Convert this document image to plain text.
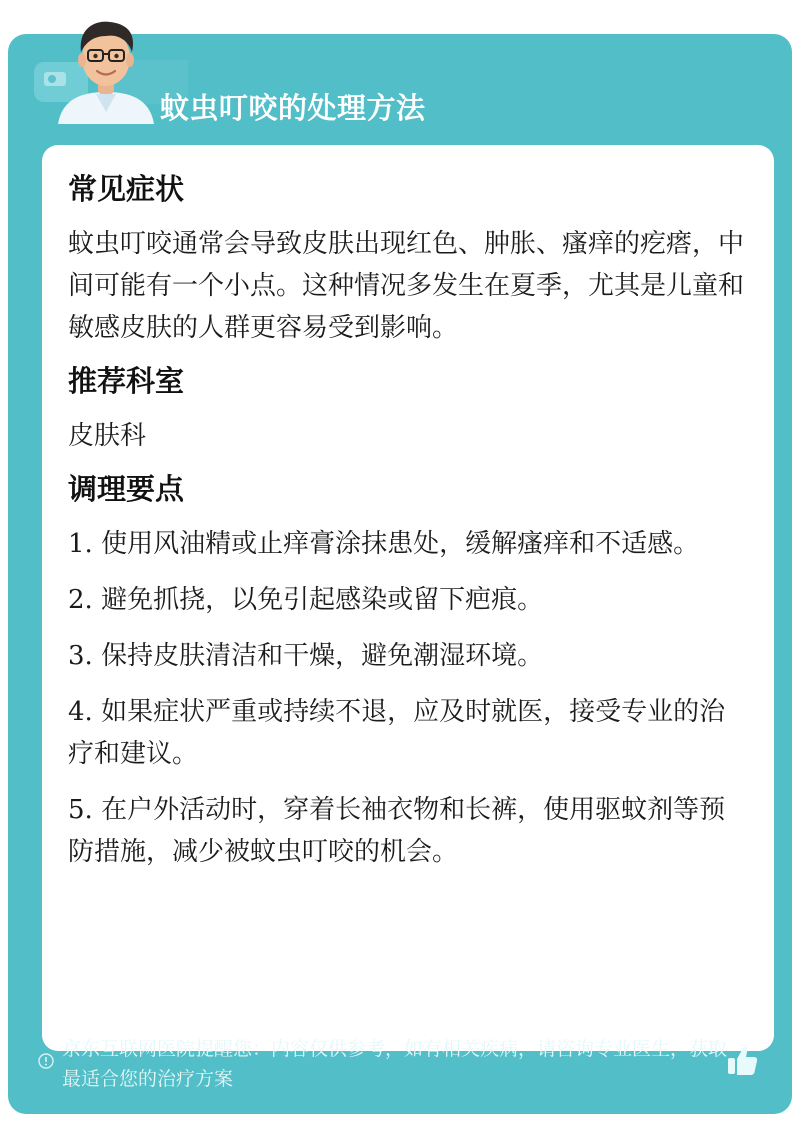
蚊虫叮咬的处理方法
常见症状
蚊虫叮咬通常会导致皮肤出现红色、肿胀、瘙痒的疙瘩，中间可能有一个小点。这种情况多发生在夏季，尤其是儿童和敏感皮肤的人群更容易受到影响。
推荐科室
皮肤科
调理要点
1. 使用风油精或止痒膏涂抹患处，缓解瘙痒和不适感。
2. 避免抓挠，以免引起感染或留下疤痕。
3. 保持皮肤清洁和干燥，避免潮湿环境。
4. 如果症状严重或持续不退，应及时就医，接受专业的治疗和建议。
5. 在户外活动时，穿着长袖衣物和长裤，使用驱蚊剂等预防措施，减少被蚊虫叮咬的机会。
京东互联网医院提醒您：内容仅供参考，如有相关疾病，请咨询专业医生，获取最适合您的治疗方案
